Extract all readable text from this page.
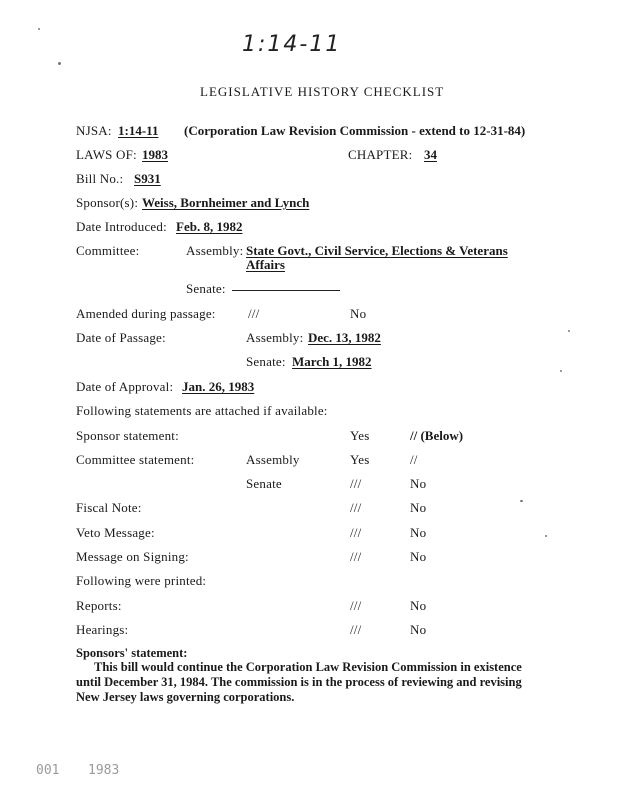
1:14-11
LEGISLATIVE HISTORY CHECKLIST
NJSA: 1:14-11 (Corporation Law Revision Commission - extend to 12-31-84)
LAWS OF: 1983	CHAPTER: 34
Bill No.: S931
Sponsor(s): Weiss, Bornheimer and Lynch
Date Introduced: Feb. 8, 1982
Committee:	Assembly: State Govt., Civil Service, Elections & Veterans
Affairs
Senate:
Amended during passage: ///	No
Date of Passage:	Assembly: Dec. 13, 1982
Senate: March 1, 1982
Date of Approval: Jan. 26, 1983
Following statements are attached if available:
Sponsor statement:	Yes	// (Below)
Committee statement:	Assembly	Yes	//
Senate	///	No
Fiscal Note:	///	No
Veto Message:	///	No
Message on Signing:	///	No
Following were printed:
Reports:	///	No
Hearings:	///	No
Sponsors' statement:
This bill would continue the Corporation Law Revision Commission in existence until December 31, 1984. The commission is in the process of reviewing and revising New Jersey laws governing corporations.
001 1983
